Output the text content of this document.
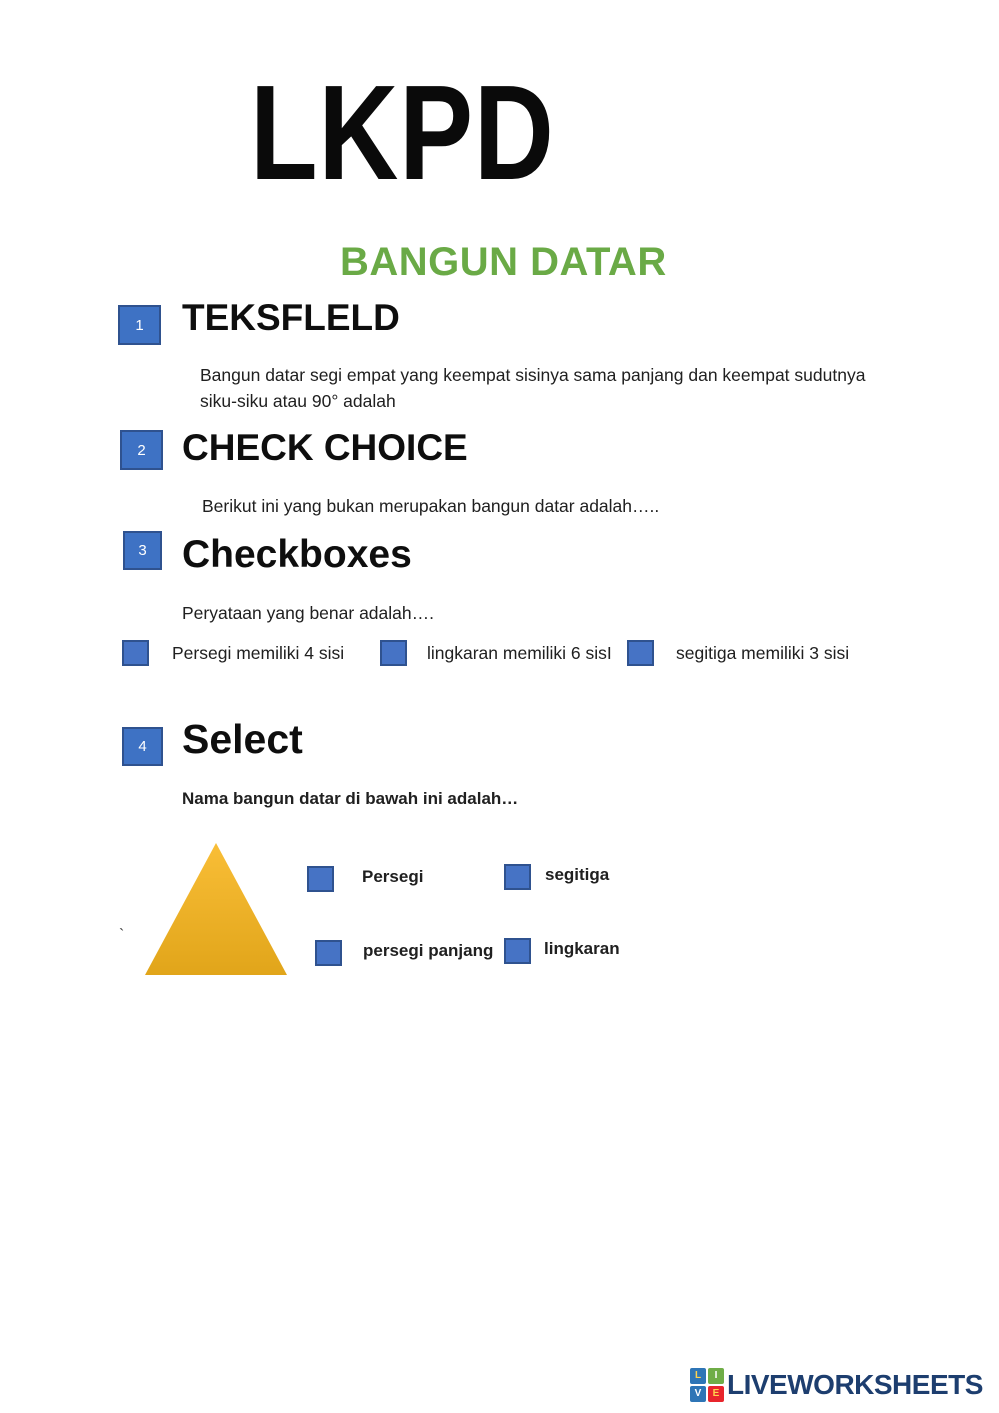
LKPD
BANGUN DATAR
1	TEKSFLELD

Bangun datar segi empat yang keempat sisinya sama panjang dan keempat sudutnya siku-siku atau 90° adalah

2 CHECK CHOICE

Berikut ini yang bukan merupakan bangun datar adalah…..

3 Checkboxes

Peryataan yang benar adalah….

Persegi memiliki 4 sisi	lingkaran memiliki 6 sisI	segitiga memiliki 3 sisi
4 Select

Nama bangun datar di bawah ini adalah…

`
Persegi	segitiga
persegi panjang	lingkaran
L	I
V	E LIVEWORKSHEETS
